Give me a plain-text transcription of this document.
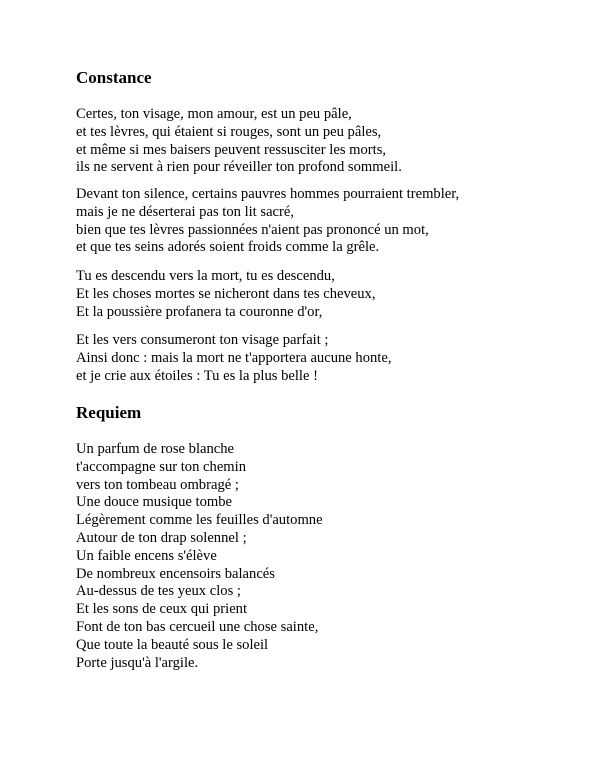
Constance
Certes, ton visage, mon amour, est un peu pâle,
et tes lèvres, qui étaient si rouges, sont un peu pâles,
et même si mes baisers peuvent ressusciter les morts,
ils ne servent à rien pour réveiller ton profond sommeil.
Devant ton silence, certains pauvres hommes pourraient trembler,
mais je ne déserterai pas ton lit sacré,
bien que tes lèvres passionnées n'aient pas prononcé un mot,
et que tes seins adorés soient froids comme la grêle.
Tu es descendu vers la mort, tu es descendu,
Et les choses mortes se nicheront dans tes cheveux,
Et la poussière profanera ta couronne d'or,
Et les vers consumeront ton visage parfait ;
Ainsi donc : mais la mort ne t'apportera aucune honte,
et je crie aux étoiles : Tu es la plus belle !
Requiem
Un parfum de rose blanche
t'accompagne sur ton chemin
vers ton tombeau ombragé ;
Une douce musique tombe
Légèrement comme les feuilles d'automne
Autour de ton drap solennel ;
Un faible encens s'élève
De nombreux encensoirs balancés
Au-dessus de tes yeux clos ;
Et les sons de ceux qui prient
Font de ton bas cercueil une chose sainte,
Que toute la beauté sous le soleil
Porte jusqu'à l'argile.
